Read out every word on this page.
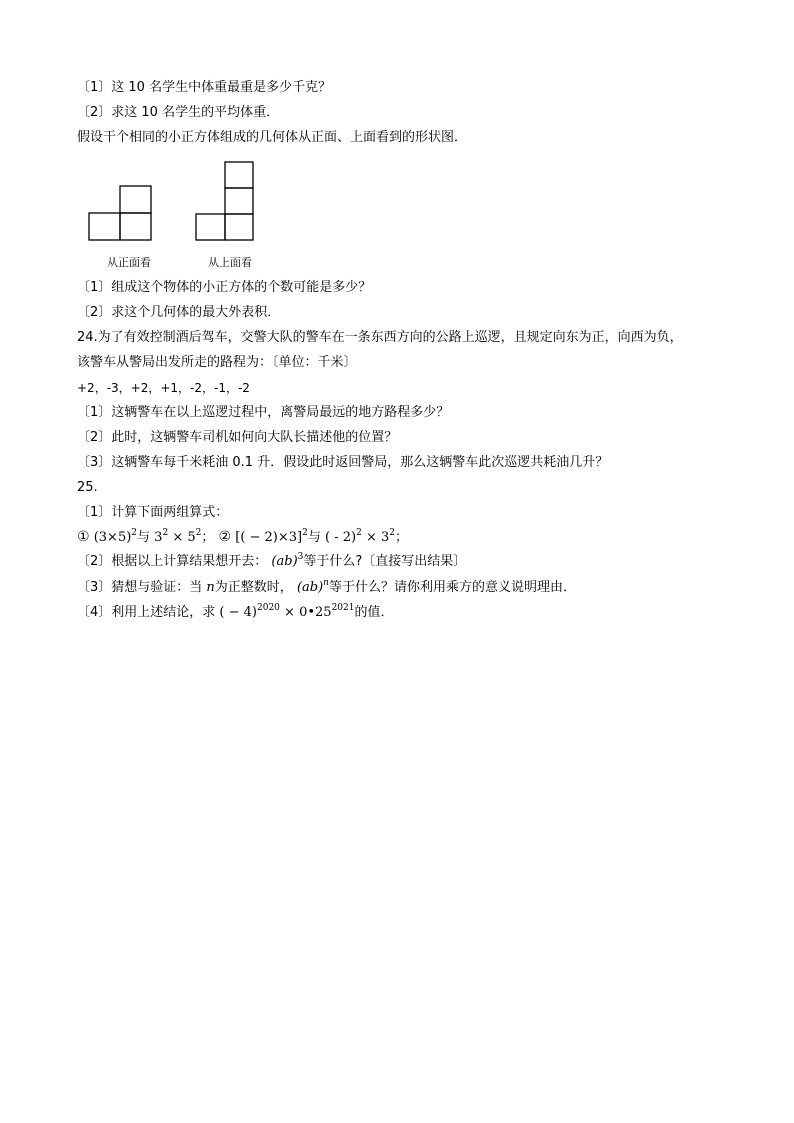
〔1〕这 10 名学生中体重最重是多少千克？
〔2〕求这 10 名学生的平均体重．
假设干个相同的小正方体组成的几何体从正面、上面看到的形状图．
从正面看	从上面看
〔1〕组成这个物体的小正方体的个数可能是多少？
〔2〕求这个几何体的最大外表积．
24.为了有效控制酒后驾车，交警大队的警车在一条东西方向的公路上巡逻，且规定向东为正，向西为负，
该警车从警局出发所走的路程为：〔单位：千米〕
+2，-3，+2，+1，-2，-1，-2
〔1〕这辆警车在以上巡逻过程中，离警局最远的地方路程多少？
〔2〕此时，这辆警车司机如何向大队长描述他的位置？
〔3〕这辆警车每千米耗油 0.1 升．假设此时返回警局，那么这辆警车此次巡逻共耗油几升？
25.
〔1〕计算下面两组算式：
① $(3\times 5)^2$与 $3^2 \times 5^2$； ② [( − 2)×3]$^2$与 ( - $2)^2 \times 3^2$；
〔2〕根据以上计算结果想开去： (ab)$^3$等于什么?〔直接写出结果〕
〔3〕猜想与验证：当 n为正整数时， (ab)$^n$等于什么？请你利用乘方的意义说明理由．
〔4〕利用上述结论，求 ( − $4)^{2020} \times 0•25^{2021}$的值．
